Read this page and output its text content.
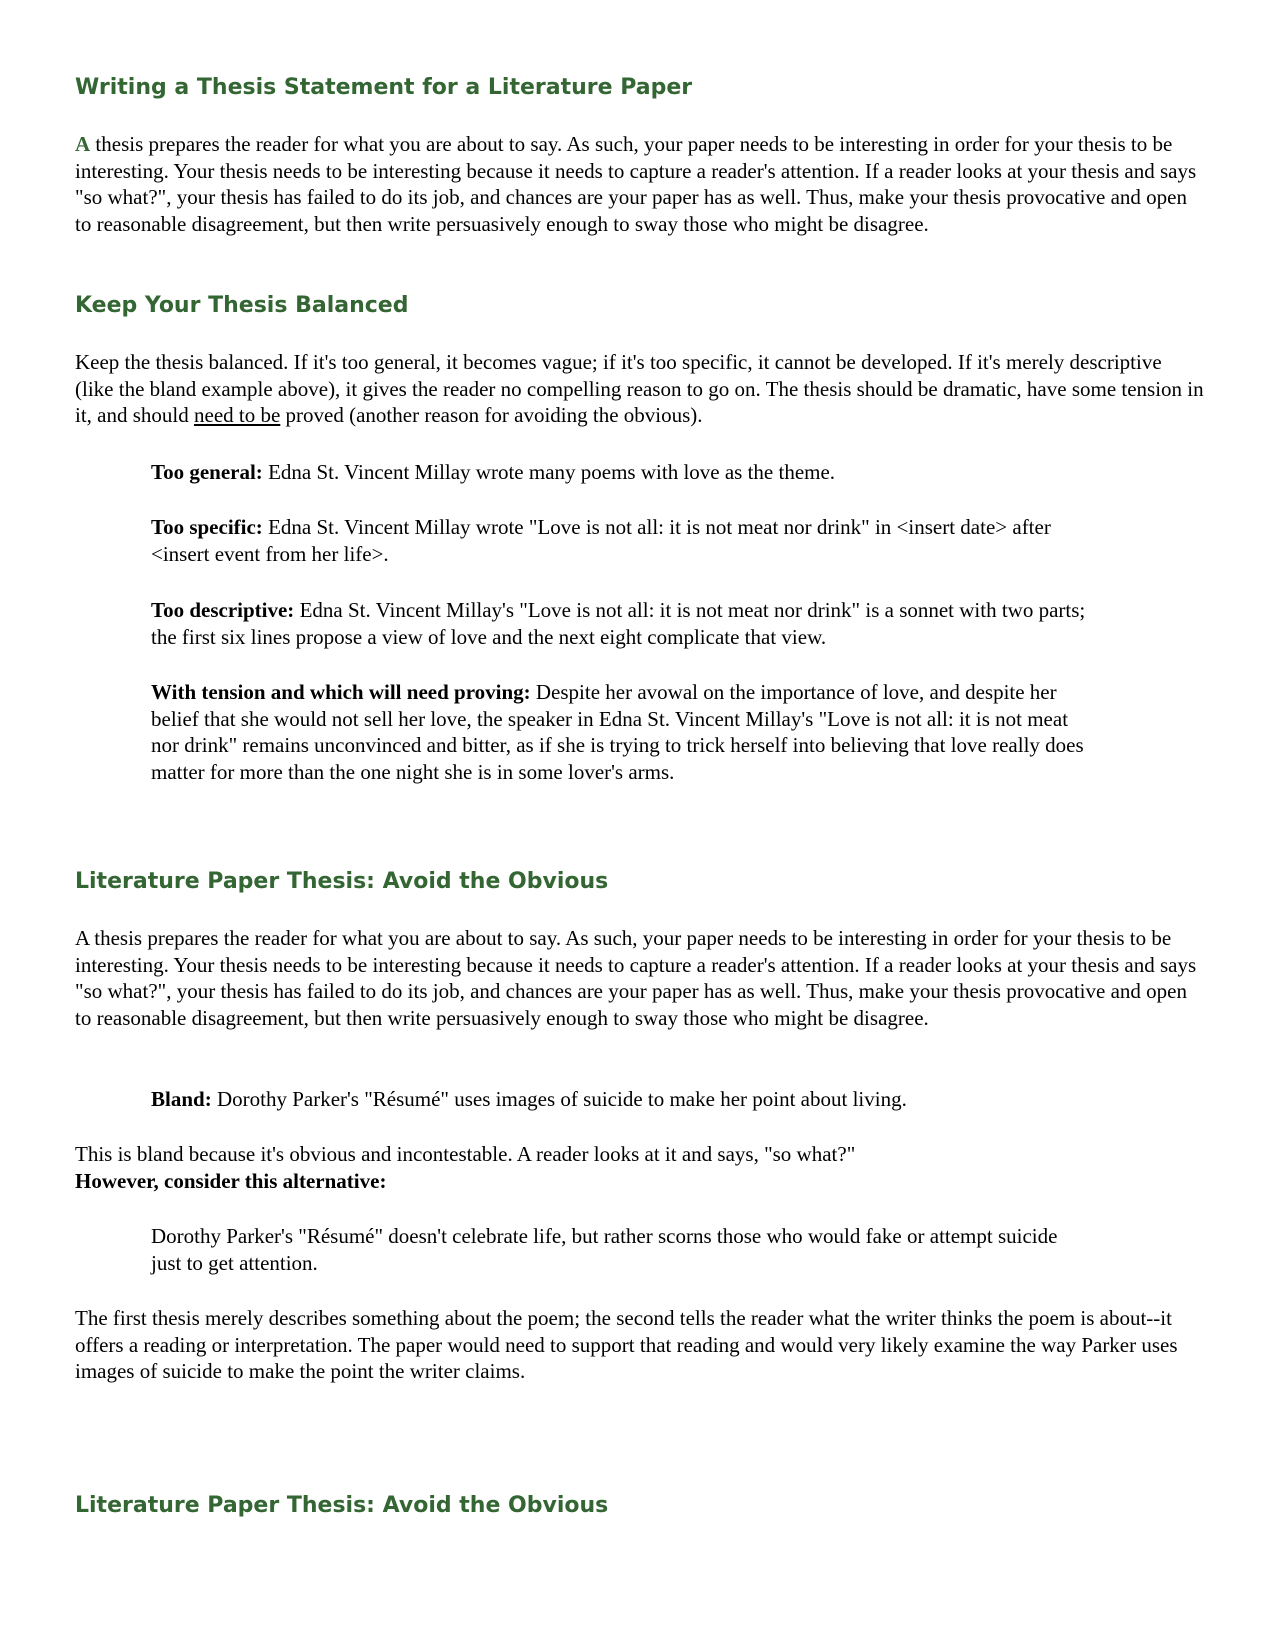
Writing a Thesis Statement for a Literature Paper

A thesis prepares the reader for what you are about to say. As such, your paper needs to be interesting in order for your thesis to be interesting. Your thesis needs to be interesting because it needs to capture a reader's attention. If a reader looks at your thesis and says "so what?", your thesis has failed to do its job, and chances are your paper has as well. Thus, make your thesis provocative and open to reasonable disagreement, but then write persuasively enough to sway those who might be disagree.

Keep Your Thesis Balanced

Keep the thesis balanced. If it's too general, it becomes vague; if it's too specific, it cannot be developed. If it's merely descriptive (like the bland example above), it gives the reader no compelling reason to go on. The thesis should be dramatic, have some tension in it, and should need to be proved (another reason for avoiding the obvious).

Too general: Edna St. Vincent Millay wrote many poems with love as the theme.

Too specific: Edna St. Vincent Millay wrote "Love is not all: it is not meat nor drink" in <insert date> after <insert event from her life>.

Too descriptive: Edna St. Vincent Millay's "Love is not all: it is not meat nor drink" is a sonnet with two parts; the first six lines propose a view of love and the next eight complicate that view.

With tension and which will need proving: Despite her avowal on the importance of love, and despite her belief that she would not sell her love, the speaker in Edna St. Vincent Millay's "Love is not all: it is not meat nor drink" remains unconvinced and bitter, as if she is trying to trick herself into believing that love really does matter for more than the one night she is in some lover's arms.

Literature Paper Thesis: Avoid the Obvious

A thesis prepares the reader for what you are about to say. As such, your paper needs to be interesting in order for your thesis to be interesting. Your thesis needs to be interesting because it needs to capture a reader's attention. If a reader looks at your thesis and says "so what?", your thesis has failed to do its job, and chances are your paper has as well. Thus, make your thesis provocative and open to reasonable disagreement, but then write persuasively enough to sway those who might be disagree.

Bland: Dorothy Parker's "Résumé" uses images of suicide to make her point about living.

This is bland because it's obvious and incontestable. A reader looks at it and says, "so what?"
However, consider this alternative:

Dorothy Parker's "Résumé" doesn't celebrate life, but rather scorns those who would fake or attempt suicide just to get attention.

The first thesis merely describes something about the poem; the second tells the reader what the writer thinks the poem is about--it offers a reading or interpretation. The paper would need to support that reading and would very likely examine the way Parker uses images of suicide to make the point the writer claims.

Literature Paper Thesis: Avoid the Obvious
